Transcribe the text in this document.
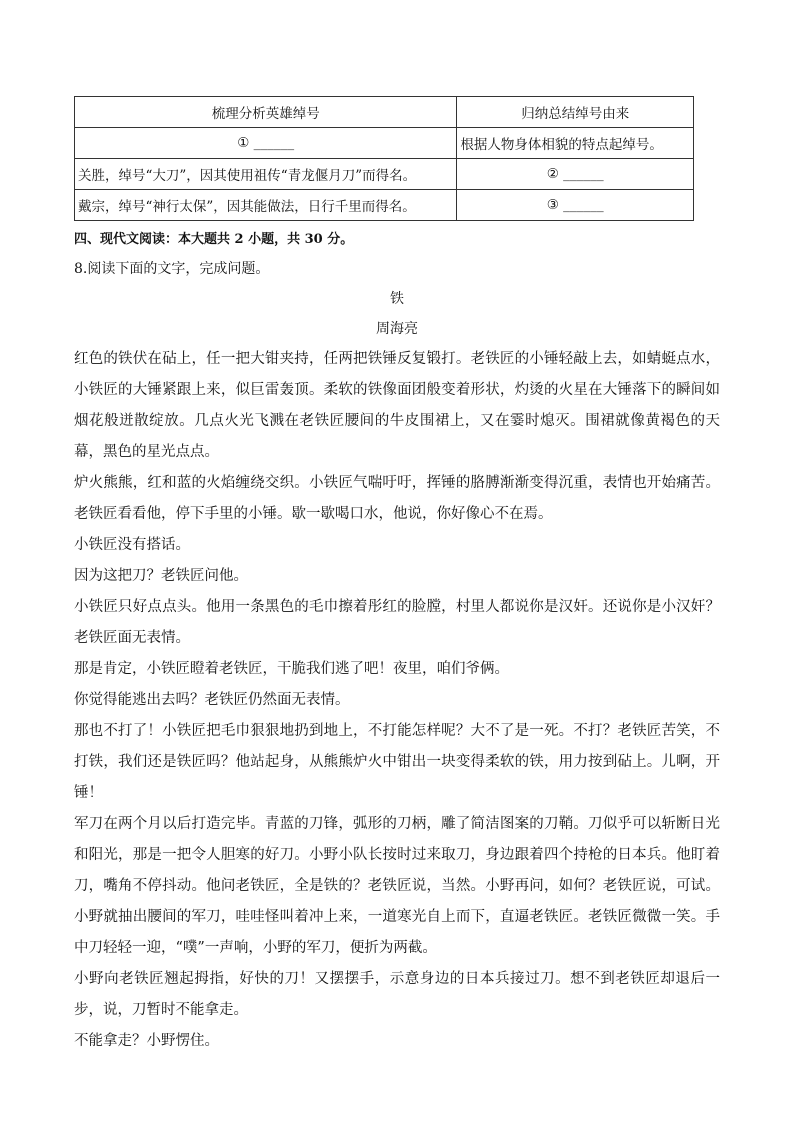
梳理分析英雄绰号	归纳总结绰号由来
① ______	根据人物身体相貌的特点起绰号。
关胜，绰号“大刀”，因其使用祖传“青龙偃月刀”而得名。	② ______
戴宗，绰号“神行太保”，因其能做法，日行千里而得名。	③ ______
四、现代文阅读：本大题共 2 小题，共 30 分。
8.阅读下面的文字，完成问题。
铁
周海亮

红色的铁伏在砧上，任一把大钳夹持，任两把铁锤反复锻打。老铁匠的小锤轻敲上去，如蜻蜓点水，小铁匠的大锤紧跟上来，似巨雷轰顶。柔软的铁像面团般变着形状，灼烫的火星在大锤落下的瞬间如烟花般迸散绽放。几点火光飞溅在老铁匠腰间的牛皮围裙上，又在霎时熄灭。围裙就像黄褐色的天幕，黑色的星光点点。

炉火熊熊，红和蓝的火焰缠绕交织。小铁匠气喘吁吁，挥锤的胳膊渐渐变得沉重，表情也开始痛苦。老铁匠看看他，停下手里的小锤。歇一歇喝口水，他说，你好像心不在焉。

小铁匠没有搭话。

因为这把刀？老铁匠问他。

小铁匠只好点点头。他用一条黑色的毛巾擦着彤红的脸膛，村里人都说你是汉奸。还说你是小汉奸？老铁匠面无表情。

那是肯定，小铁匠瞪着老铁匠，干脆我们逃了吧！夜里，咱们爷俩。

你觉得能逃出去吗？老铁匠仍然面无表情。

那也不打了！小铁匠把毛巾狠狠地扔到地上，不打能怎样呢？大不了是一死。不打？老铁匠苦笑，不打铁，我们还是铁匠吗？他站起身，从熊熊炉火中钳出一块变得柔软的铁，用力按到砧上。儿啊，开锤！

军刀在两个月以后打造完毕。青蓝的刀锋，弧形的刀柄，雕了简洁图案的刀鞘。刀似乎可以斩断日光和阳光，那是一把令人胆寒的好刀。小野小队长按时过来取刀，身边跟着四个持枪的日本兵。他盯着刀，嘴角不停抖动。他问老铁匠，全是铁的？老铁匠说，当然。小野再问，如何？老铁匠说，可试。小野就抽出腰间的军刀，哇哇怪叫着冲上来，一道寒光自上而下，直逼老铁匠。老铁匠微微一笑。手中刀轻轻一迎，“噗”一声响，小野的军刀，便折为两截。

小野向老铁匠翘起拇指，好快的刀！又摆摆手，示意身边的日本兵接过刀。想不到老铁匠却退后一步，说，刀暂时不能拿走。

不能拿走？小野愣住。
